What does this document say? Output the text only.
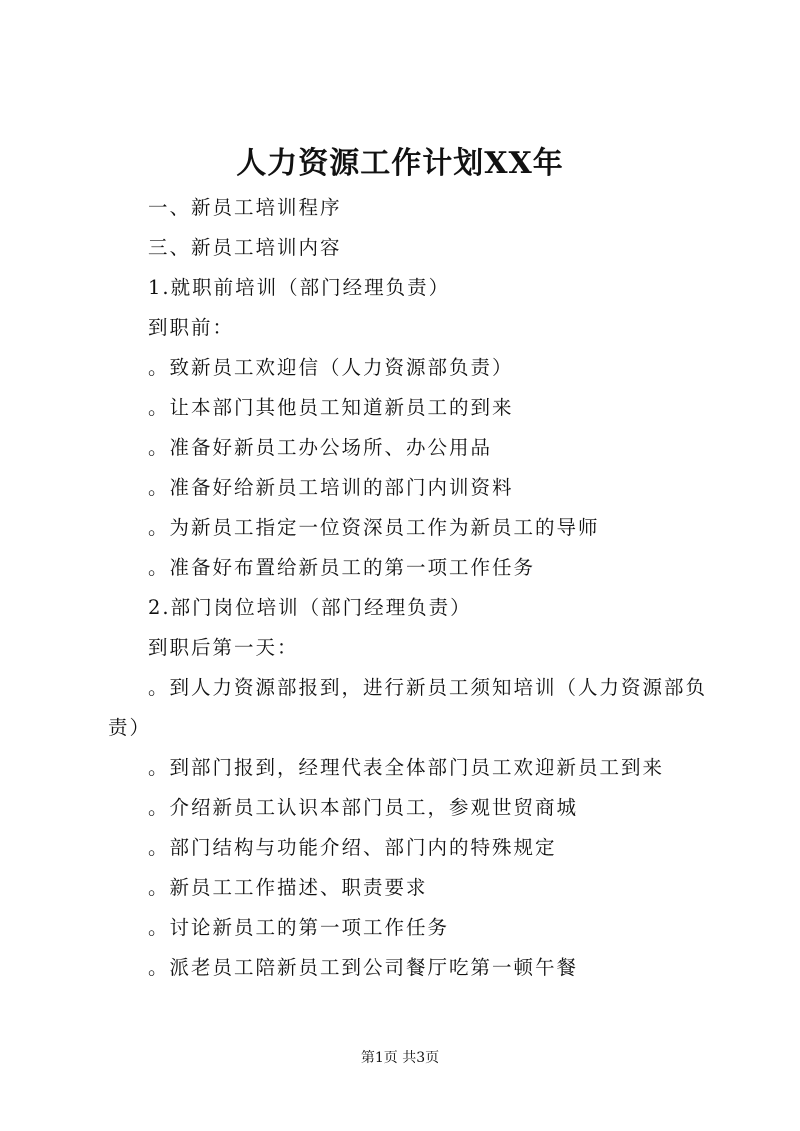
人力资源工作计划XX年
一、新员工培训程序
三、新员工培训内容
1.就职前培训（部门经理负责）
到职前：
。致新员工欢迎信（人力资源部负责）
。让本部门其他员工知道新员工的到来
。准备好新员工办公场所、办公用品
。准备好给新员工培训的部门内训资料
。为新员工指定一位资深员工作为新员工的导师
。准备好布置给新员工的第一项工作任务
2.部门岗位培训（部门经理负责）
到职后第一天：
。到人力资源部报到，进行新员工须知培训（人力资源部负责）
。到部门报到，经理代表全体部门员工欢迎新员工到来
。介绍新员工认识本部门员工，参观世贸商城
。部门结构与功能介绍、部门内的特殊规定
。新员工工作描述、职责要求
。讨论新员工的第一项工作任务
。派老员工陪新员工到公司餐厅吃第一顿午餐
第1页 共3页
